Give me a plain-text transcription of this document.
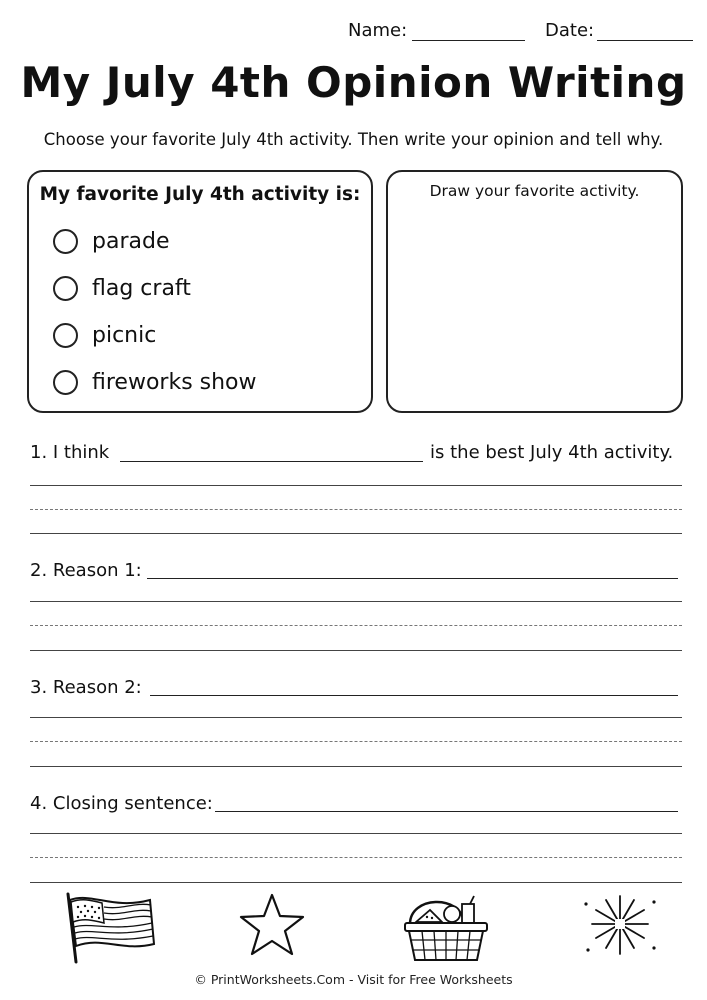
Name:	Date:
My July 4th Opinion Writing
Choose your favorite July 4th activity. Then write your opinion and tell why.
My favorite July 4th activity is:
parade
flag craft
picnic
fireworks show
Draw your favorite activity.
1. I think	is the best July 4th activity.
2. Reason 1:
3. Reason 2:
4. Closing sentence:
© PrintWorksheets.Com - Visit for Free Worksheets
